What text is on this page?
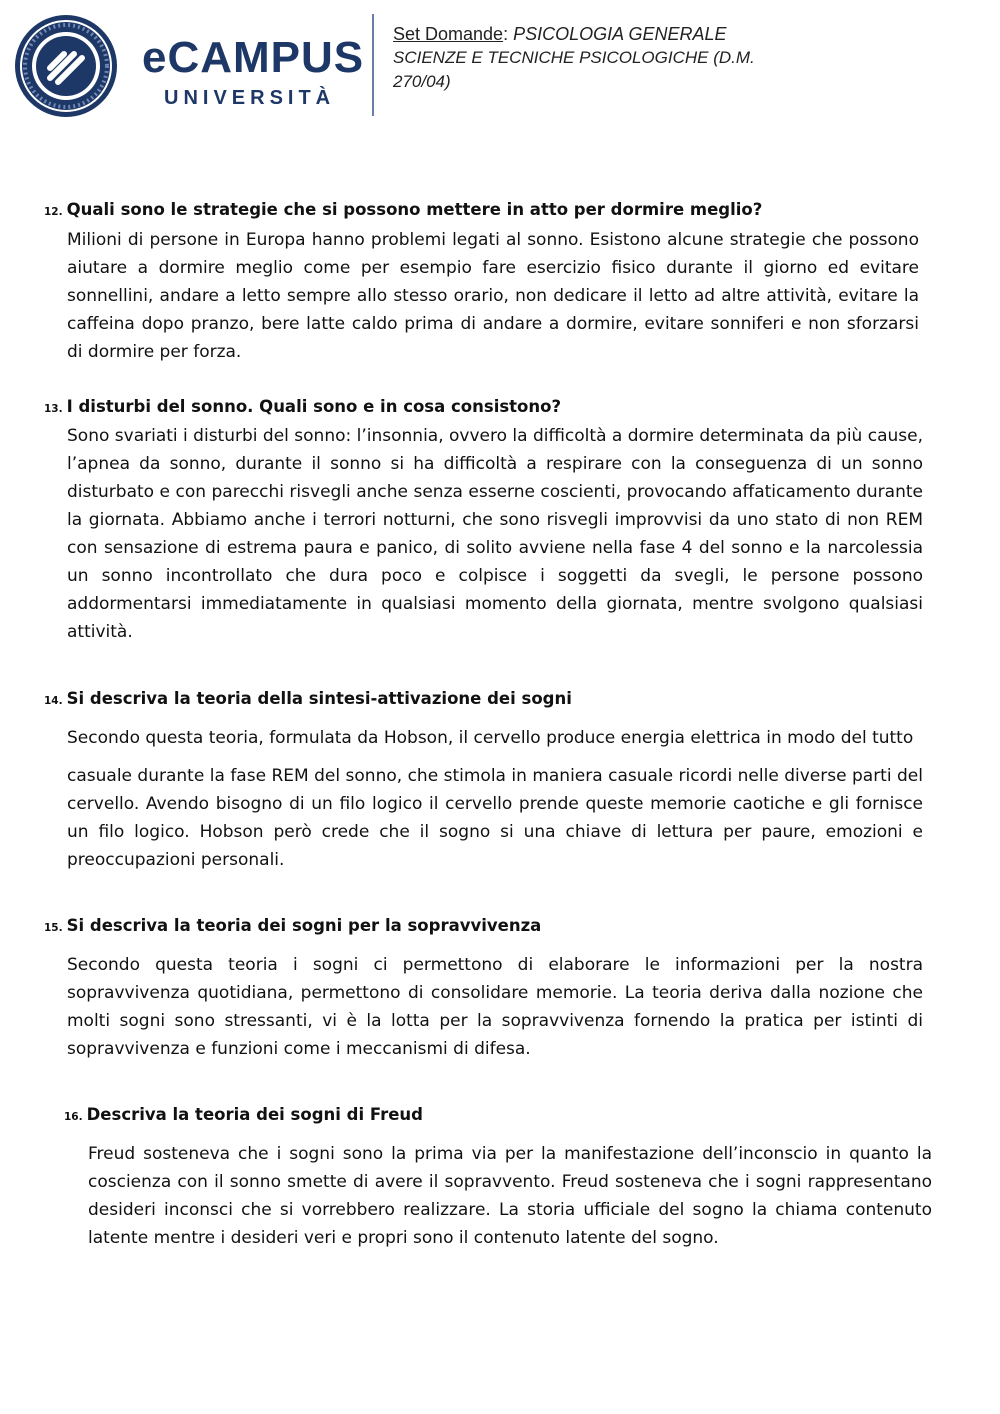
eCAMPUS
UNIVERSITÀ
Set Domande: PSICOLOGIA GENERALE
SCIENZE E TECNICHE PSICOLOGICHE (D.M.
270/04)
12. Quali sono le strategie che si possono mettere in atto per dormire meglio?
Milioni di persone in Europa hanno problemi legati al sonno. Esistono alcune strategie che possono aiutare a dormire meglio come per esempio fare esercizio fisico durante il giorno ed evitare sonnellini, andare a letto sempre allo stesso orario, non dedicare il letto ad altre attività, evitare la caffeina dopo pranzo, bere latte caldo prima di andare a dormire, evitare sonniferi e non sforzarsi di dormire per forza.
13. I disturbi del sonno. Quali sono e in cosa consistono?
Sono svariati i disturbi del sonno: l’insonnia, ovvero la difficoltà a dormire determinata da più cause, l’apnea da sonno, durante il sonno si ha difficoltà a respirare con la conseguenza di un sonno disturbato e con parecchi risvegli anche senza esserne coscienti, provocando affaticamento durante la giornata. Abbiamo anche i terrori notturni, che sono risvegli improvvisi da uno stato di non REM con sensazione di estrema paura e panico, di solito avviene nella fase 4 del sonno e la narcolessia un sonno incontrollato che dura poco e colpisce i soggetti da svegli, le persone possono addormentarsi immediatamente in qualsiasi momento della giornata, mentre svolgono qualsiasi attività.
14. Si descriva la teoria della sintesi-attivazione dei sogni
Secondo questa teoria, formulata da Hobson, il cervello produce energia elettrica in modo del tutto
casuale durante la fase REM del sonno, che stimola in maniera casuale ricordi nelle diverse parti del cervello. Avendo bisogno di un filo logico il cervello prende queste memorie caotiche e gli fornisce un filo logico. Hobson però crede che il sogno si una chiave di lettura per paure, emozioni e preoccupazioni personali.
15. Si descriva la teoria dei sogni per la sopravvivenza
Secondo questa teoria i sogni ci permettono di elaborare le informazioni per la nostra sopravvivenza quotidiana, permettono di consolidare memorie. La teoria deriva dalla nozione che molti sogni sono stressanti, vi è la lotta per la sopravvivenza fornendo la pratica per istinti di sopravvivenza e funzioni come i meccanismi di difesa.
16. Descriva la teoria dei sogni di Freud
Freud sosteneva che i sogni sono la prima via per la manifestazione dell’inconscio in quanto la coscienza con il sonno smette di avere il sopravvento. Freud sosteneva che i sogni rappresentano desideri inconsci che si vorrebbero realizzare. La storia ufficiale del sogno la chiama contenuto latente mentre i desideri veri e propri sono il contenuto latente del sogno.
